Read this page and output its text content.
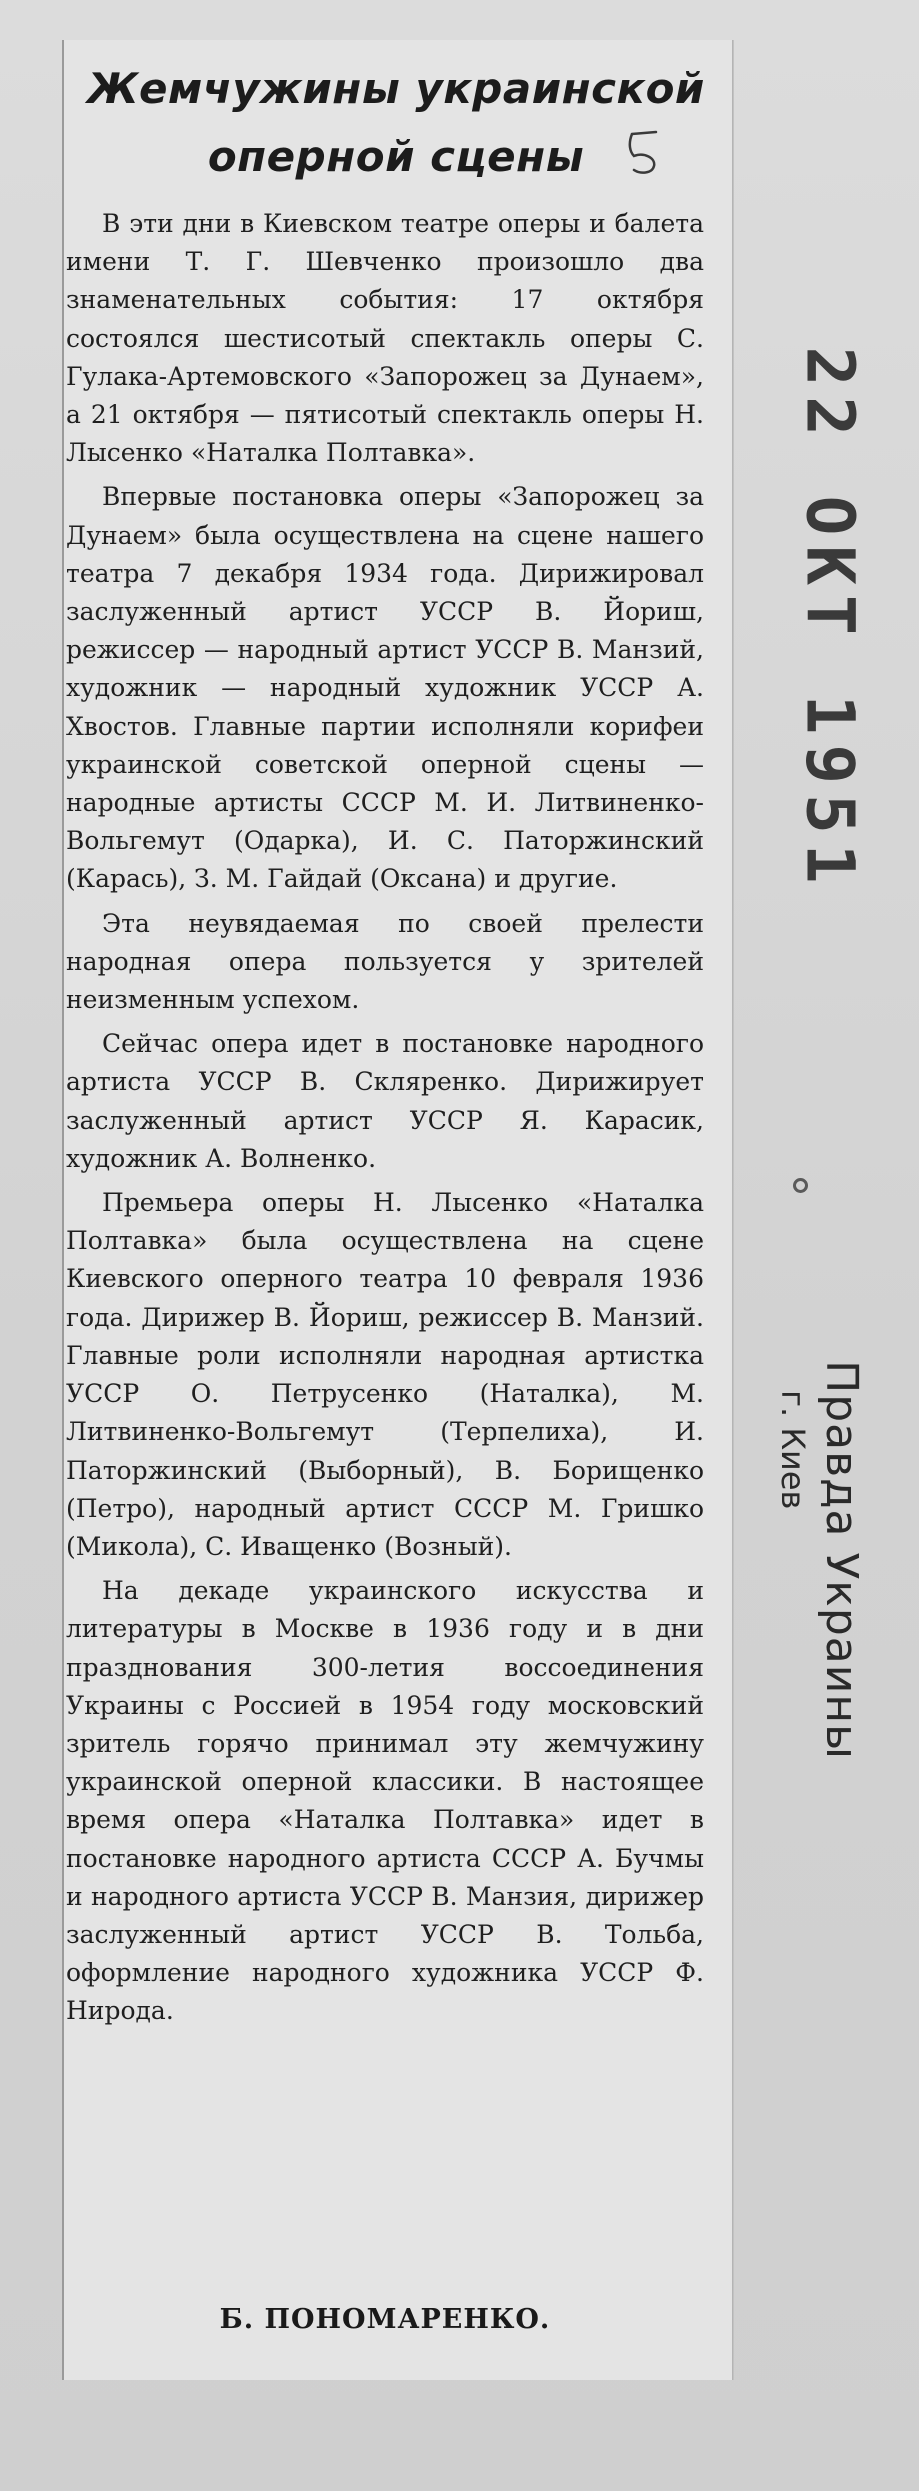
Жемчужины украинской
оперной сцены

В эти дни в Киевском театре оперы и балета имени Т. Г. Шевченко произошло два знаменательных события: 17 октября состоялся шестисотый спектакль оперы С. Гулака-Артемовского «Запорожец за Дунаем», а 21 октября — пятисотый спектакль оперы Н. Лысенко «Наталка Полтавка».

Впервые постановка оперы «Запорожец за Дунаем» была осуществлена на сцене нашего театра 7 декабря 1934 года. Дирижировал заслуженный артист УССР В. Йориш, режиссер — народный артист УССР В. Манзий, художник — народный художник УССР А. Хвостов. Главные партии исполняли корифеи украинской советской оперной сцены — народные артисты СССР М. И. Литвиненко-Вольгемут (Одарка), И. С. Паторжинский (Карась), З. М. Гайдай (Оксана) и другие.

Эта неувядаемая по своей прелести народная опера пользуется у зрителей неизменным успехом.

Сейчас опера идет в постановке народного артиста УССР В. Скляренко. Дирижирует заслуженный артист УССР Я. Карасик, художник А. Волненко.

Премьера оперы Н. Лысенко «Наталка Полтавка» была осуществлена на сцене Киевского оперного театра 10 февраля 1936 года. Дирижер В. Йориш, режиссер В. Манзий. Главные роли исполняли народная артистка УССР О. Петрусенко (Наталка), М. Литвиненко-Вольгемут (Терпелиха), И. Паторжинский (Выборный), В. Борищенко (Петро), народный артист СССР М. Гришко (Микола), С. Иващенко (Возный).

На декаде украинского искусства и литературы в Москве в 1936 году и в дни празднования 300-летия воссоединения Украины с Россией в 1954 году московский зритель горячо принимал эту жемчужину украинской оперной классики. В настоящее время опера «Наталка Полтавка» идет в постановке народного артиста СССР А. Бучмы и народного артиста УССР В. Манзия, дирижер заслуженный артист УССР В. Тольба, оформление народного художника УССР Ф. Нирода.

Б. ПОНОМАРЕНКО.
22 ОКТ 1951
Правда Украины
г. Киев
